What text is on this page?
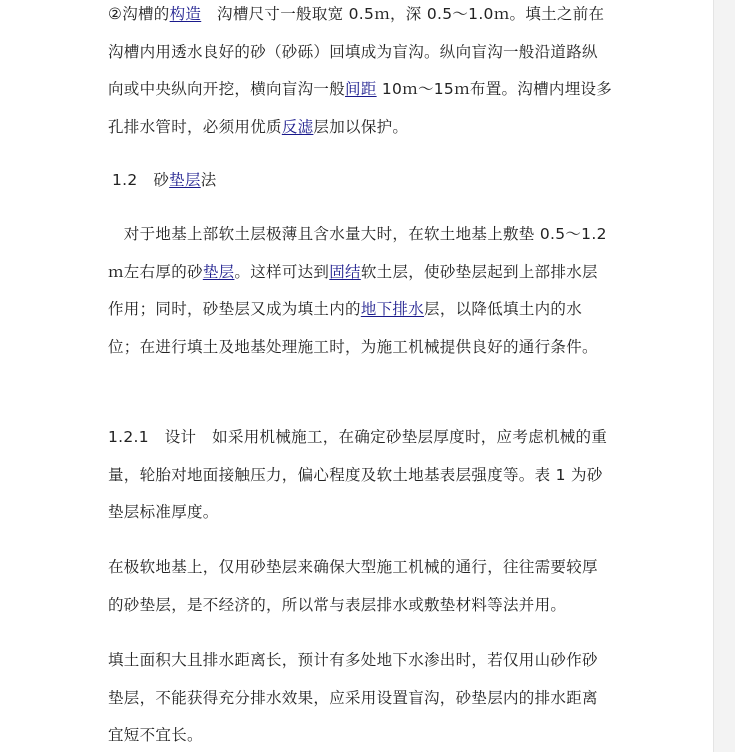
②沟槽的构造　沟槽尺寸一般取宽 0.5ｍ，深 0.5～1.0ｍ。填土之前在沟槽内用透水良好的砂（砂砾）回填成为盲沟。纵向盲沟一般沿道路纵向或中央纵向开挖，横向盲沟一般间距 10ｍ～15ｍ布置。沟槽内埋设多孔排水管时，必须用优质反滤层加以保护。

1.2　砂垫层法

　对于地基上部软土层极薄且含水量大时，在软土地基上敷垫 0.5～1.2ｍ左右厚的砂垫层。这样可达到固结软土层，使砂垫层起到上部排水层作用；同时，砂垫层又成为填土内的地下排水层，以降低填土内的水位；在进行填土及地基处理施工时，为施工机械提供良好的通行条件。

1.2.1　设计　如采用机械施工，在确定砂垫层厚度时，应考虑机械的重量，轮胎对地面接触压力，偏心程度及软土地基表层强度等。表 1 为砂垫层标准厚度。

在极软地基上，仅用砂垫层来确保大型施工机械的通行，往往需要较厚的砂垫层，是不经济的，所以常与表层排水或敷垫材料等法并用。

填土面积大且排水距离长，预计有多处地下水渗出时，若仅用山砂作砂垫层，不能获得充分排水效果，应采用设置盲沟，砂垫层内的排水距离宜短不宜长。
